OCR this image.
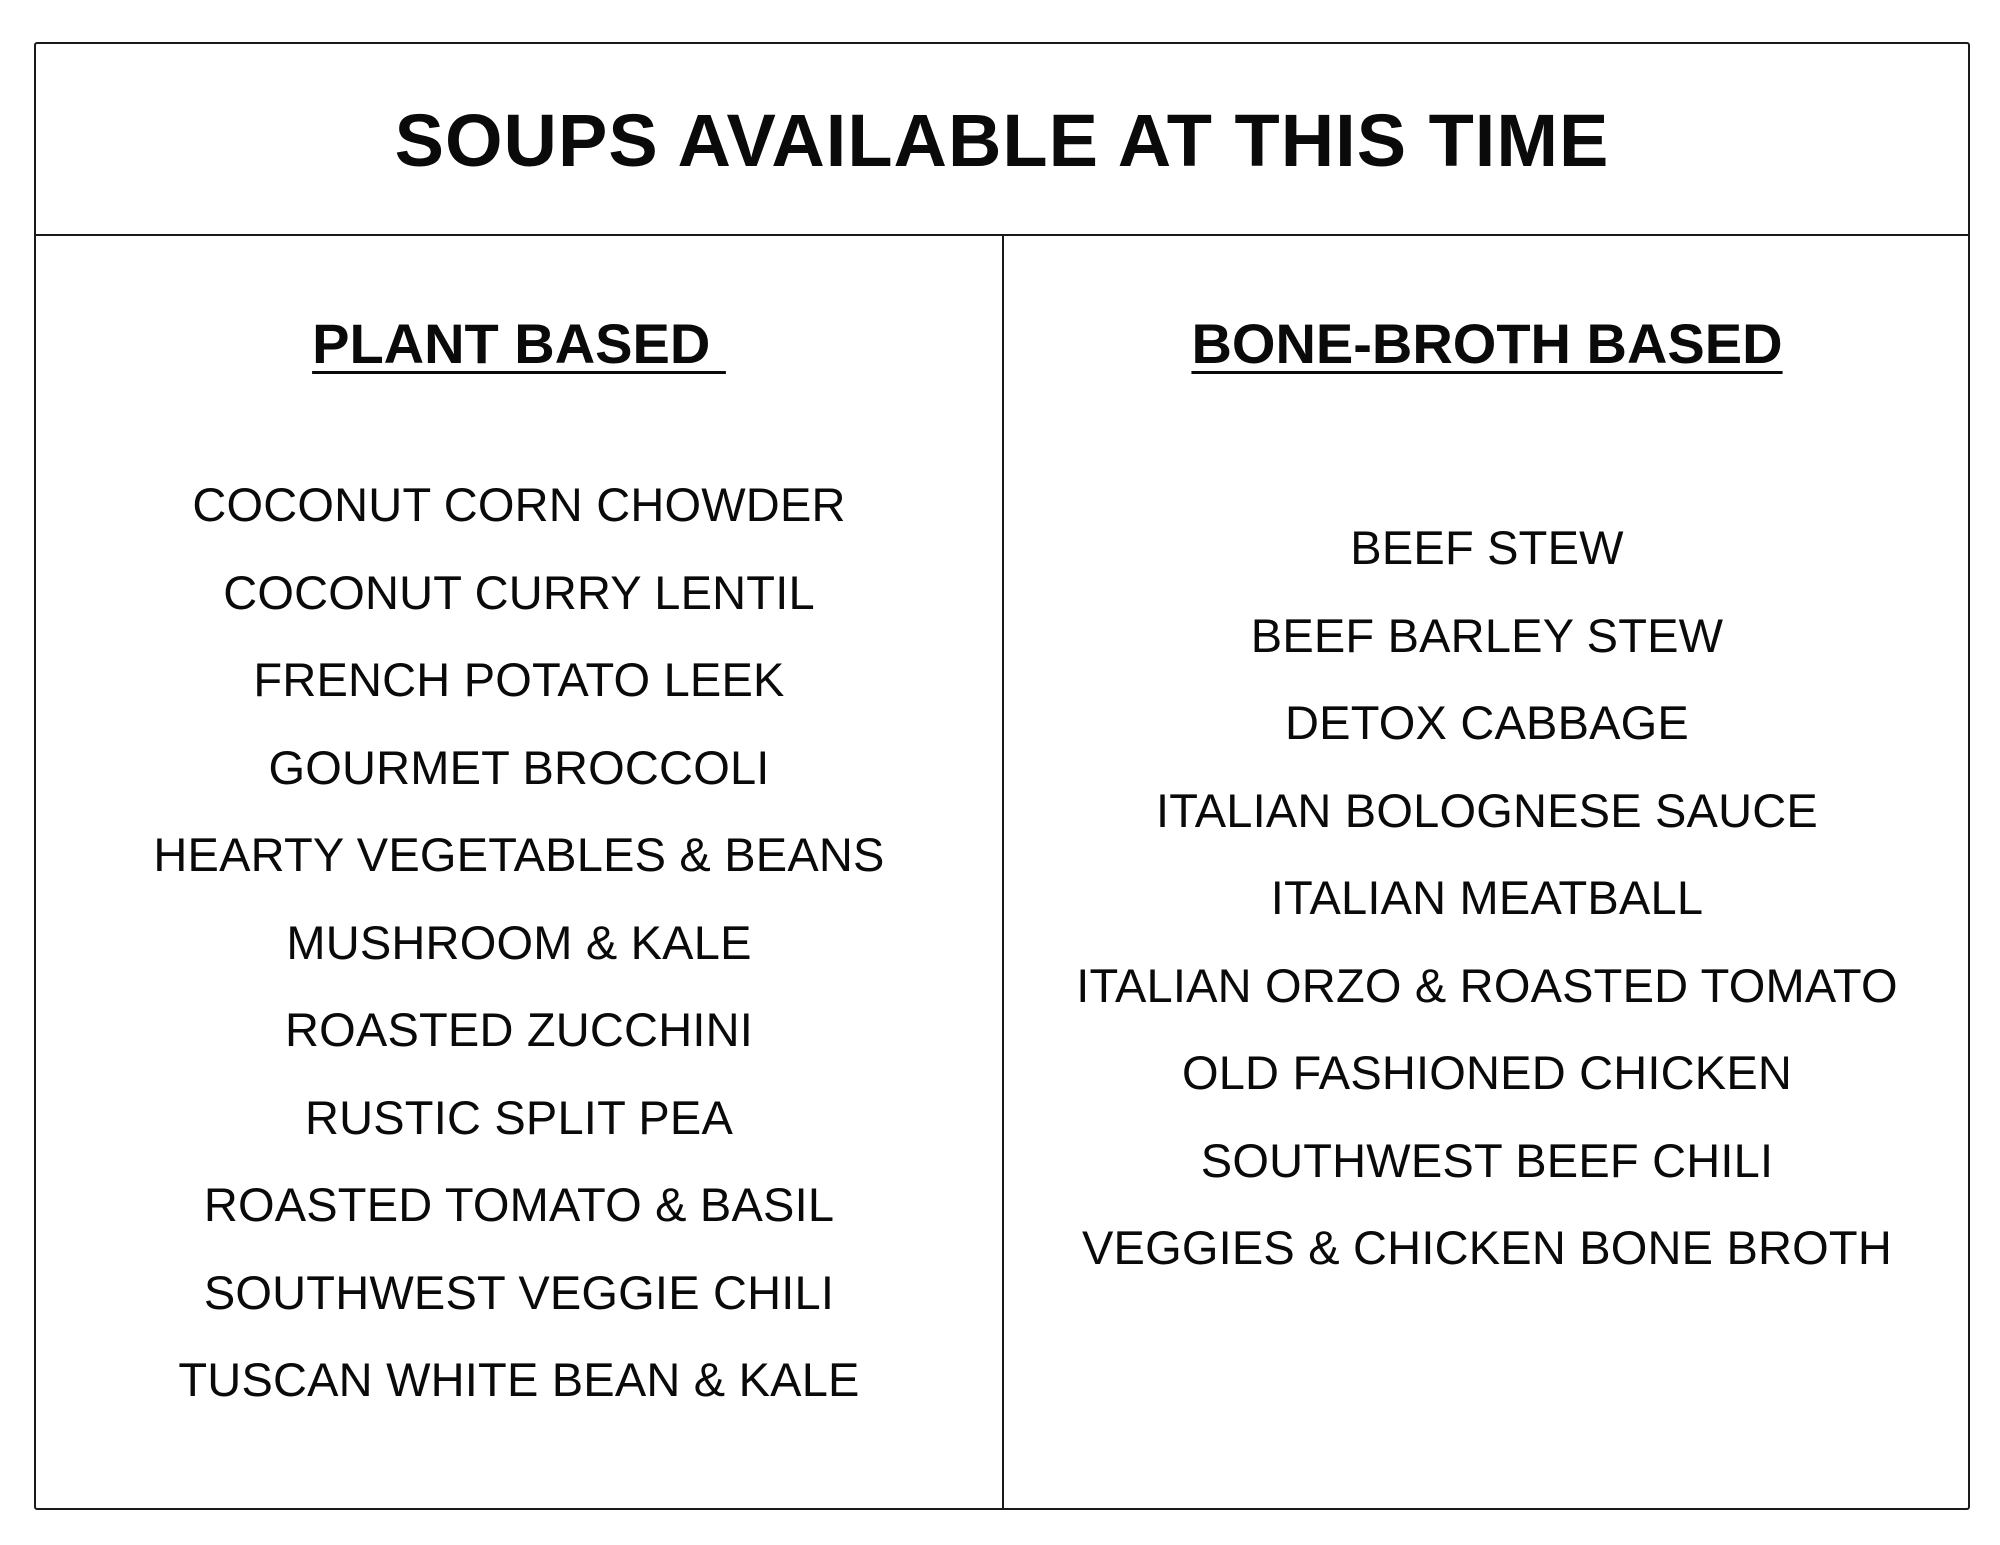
SOUPS AVAILABLE AT THIS TIME
PLANT BASED
COCONUT CORN CHOWDER
COCONUT CURRY LENTIL
FRENCH POTATO LEEK
GOURMET BROCCOLI
HEARTY VEGETABLES & BEANS
MUSHROOM & KALE
ROASTED ZUCCHINI
RUSTIC SPLIT PEA
ROASTED TOMATO & BASIL
SOUTHWEST VEGGIE CHILI
TUSCAN WHITE BEAN & KALE
BONE-BROTH BASED
BEEF STEW
BEEF BARLEY STEW
DETOX CABBAGE
ITALIAN BOLOGNESE SAUCE
ITALIAN MEATBALL
ITALIAN ORZO & ROASTED TOMATO
OLD FASHIONED CHICKEN
SOUTHWEST BEEF CHILI
VEGGIES & CHICKEN BONE BROTH
